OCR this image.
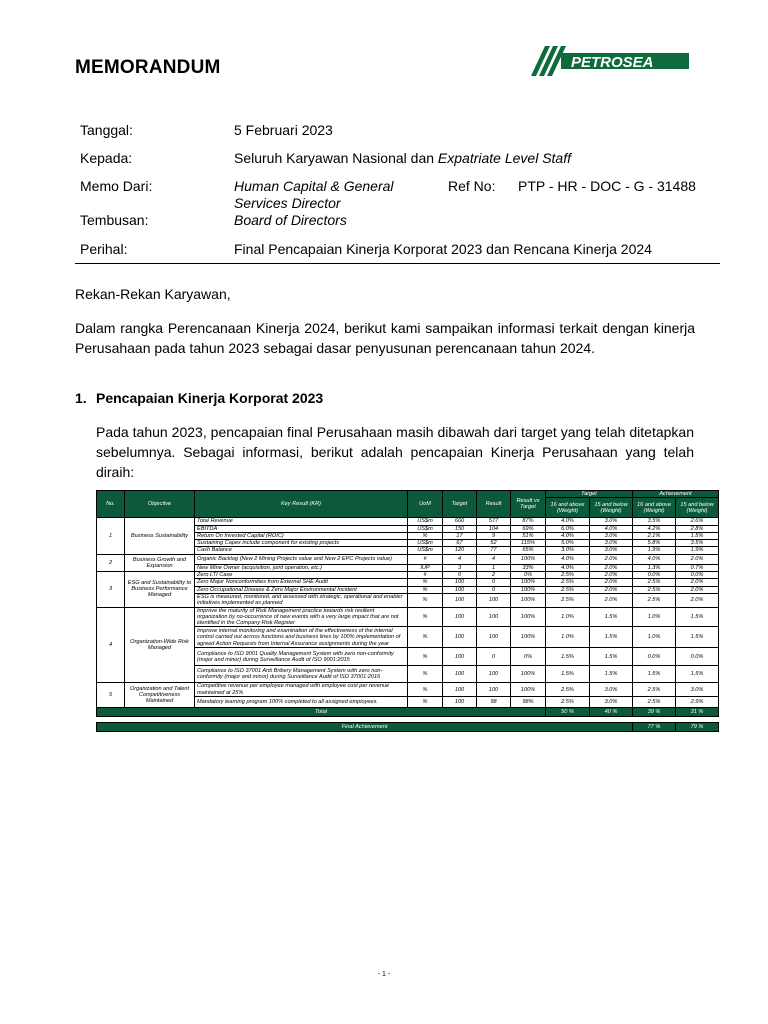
MEMORANDUM	PETROSEA
Tanggal:	5 Februari 2023
Kepada:	Seluruh Karyawan Nasional dan Expatriate Level Staff
Memo Dari:	Human Capital & General
Services Director
Ref No: PTP - HR - DOC - G - 31488
Tembusan:	Board of Directors
Perihal:	Final Pencapaian Kinerja Korporat 2023 dan Rencana Kinerja 2024
Rekan-Rekan Karyawan,
Dalam rangka Perencanaan Kinerja 2024, berikut kami sampaikan informasi terkait dengan kinerja Perusahaan pada tahun 2023 sebagai dasar penyusunan perencanaan tahun 2024.
1. Pencapaian Kinerja Korporat 2023
Pada tahun 2023, pencapaian final Perusahaan masih dibawah dari target yang telah ditetapkan sebelumnya. Sebagai informasi, berikut adalah pencapaian Kinerja Perusahaan yang telah diraih:
No.	Objective	Key Result (KR)	UoM	Target	Result	Result vs Target	Target		Achievement	
							16 and above (Weight)	15 and below (Weight)	16 and above (Weight)	15 and below (Weight)
1	Business Sustainability	Total Revenue	US$m	660	577	87%	4.0%	3.0%	3.5%	2.6%
		EBITDA	US$m	150	104	69%	6.0%	4.0%	4.2%	2.8%
		Return On Invested Capital (ROIC)	%	17	9	51%	4.0%	3.0%	2.1%	1.5%
		Sustaining Capex include component for existing projects	US$m	67	52	115%	5.0%	3.0%	5.8%	3.5%
		Cash Balance	US$m	120	77	65%	3.0%	3.0%	1.9%	1.9%
2	Business Growth and Expansion	Organic Backlog (New 2 Mining Projects value and New 2 EPC Projects value)	#	4	4	100%	4.0%	2.0%	4.0%	2.0%
		New Mine Owner (acquisition, joint operation, etc.)	IUP	3	1	33%	4.0%	2.0%	1.3%	0.7%
3	ESG and Sustainability to Business Performance Managed	Zero LTI Case	#	0	2	0%	2.5%	2.0%	0.0%	0.0%
		Zero Major Nonconformities from External SHE Audit	%	100	0	100%	2.5%	2.0%	2.5%	2.0%
		Zero Occupational Disease & Zero Major Environmental Incident	%	100	0	100%	2.5%	2.0%	2.5%	2.0%
		ESG is measured, monitored, and assessed with strategic, operational and enabler initiatives implemented as planned	%	100	100	100%	2.5%	2.0%	2.5%	2.0%
4	Organization-Wide Risk Managed	Improve the maturity of Risk Management practice towards risk resilient organization by no-occurrence of new events with a very large impact that are not identified in the Company Risk Register	%	100	100	100%	1.0%	1.5%	1.0%	1.5%
		Improve internal monitoring and examination of the effectiveness of the internal control carried out across functions and business lines by 100% implementation of agreed Action Requests from Internal Assurance assignments during the year	%	100	100	100%	1.0%	1.5%	1.0%	1.5%
		Compliance to ISO 9001 Quality Management System with zero non-conformity (major and minor) during Surveillance Audit of ISO 9001:2015	%	100	0	0%	1.5%	1.5%	0.0%	0.0%
		Compliance to ISO 37001 Anti Bribery Management System with zero non-conformity (major and minor) during Surveillance Audit of ISO 37001:2016	%	100	100	100%	1.5%	1.5%	1.5%	1.5%
5	Organization and Talent Competitiveness Maintained	Competitive revenue per employee managed with employee cost per revenue maintained at 25%	%	100	100	100%	2.5%	3.0%	2.5%	3.0%
		Mandatory learning program 100% completed to all assigned employees.	%	100	98	98%	2.5%	3.0%	2.5%	2.9%
Total							50 %	40 %	39 %	31 %

Final Achievement									77 %	79 %
- 1 -
